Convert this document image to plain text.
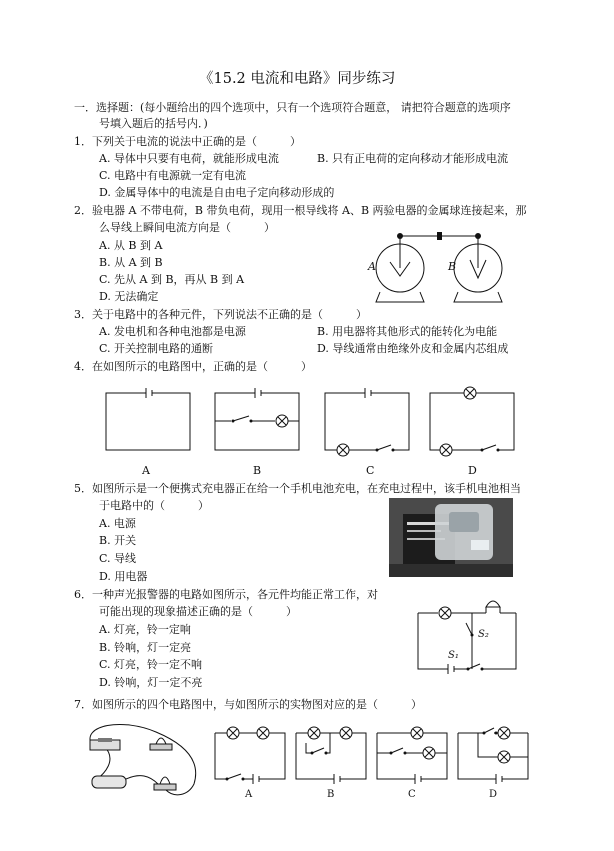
《15.2 电流和电路》同步练习
一．选择题：(每小题给出的四个选项中，只有一个选项符合题意， 请把符合题意的选项序
号填入题后的括号内．)
1．下列关于电流的说法中正确的是（　　　）
A. 导体中只要有电荷，就能形成电流	B. 只有正电荷的定向移动才能形成电流
C. 电路中有电源就一定有电流
D. 金属导体中的电流是自由电子定向移动形成的
2．验电器 A 不带电荷，B 带负电荷，现用一根导线将 A、B 两验电器的金属球连接起来，那
么导线上瞬间电流方向是（　　　）
A. 从 B 到 A
B. 从 A 到 B
C. 先从 A 到 B，再从 B 到 A
D. 无法确定
A	B
3．关于电路中的各种元件，下列说法不正确的是（　　　）
A. 发电机和各种电池都是电源	B. 用电器将其他形式的能转化为电能
C. 开关控制电路的通断	D. 导线通常由绝缘外皮和金属内芯组成
4．在如图所示的电路图中，正确的是（　　　）
A	B	C	D
5．如图所示是一个便携式充电器正在给一个手机电池充电，在充电过程中，该手机电池相当
于电路中的（　　　）
A. 电源
B. 开关
C. 导线
D. 用电器
6．一种声光报警器的电路如图所示，各元件均能正常工作，对
可能出现的现象描述正确的是（　　　）
A. 灯亮，铃一定响
B. 铃响，灯一定亮
C. 灯亮，铃一定不响
D. 铃响，灯一定不亮
S₂
S₁
7．如图所示的四个电路图中，与如图所示的实物图对应的是（　　　）
A	B	C	D
